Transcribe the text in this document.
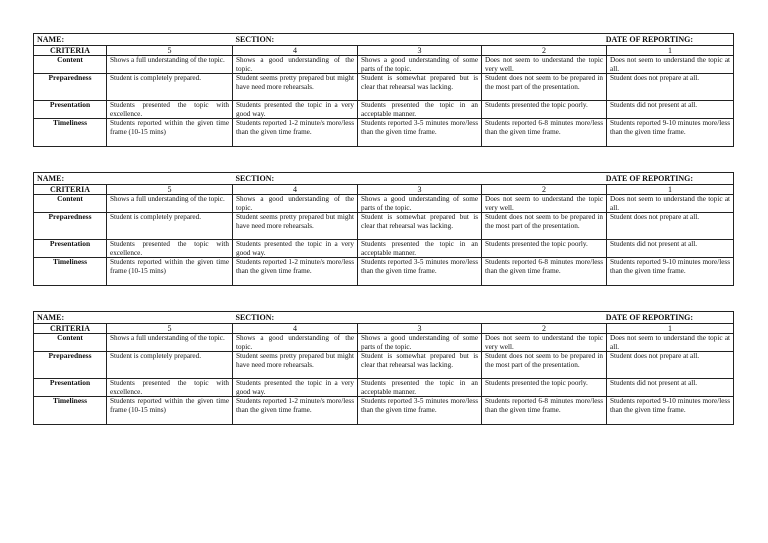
NAME:		SECTION:		DATE OF REPORTING:	
CRITERIA	5	4	3	2	1
Content	Shows a full understanding of the topic.	Shows a good understanding of the topic.	Shows a good understanding of some parts of the topic.	Does not seem to understand the topic very well.	Does not seem to understand the topic at all.
Preparedness	Student is completely prepared.	Student seems pretty prepared but might have need more rehearsals.	Student is somewhat prepared but is clear that rehearsal was lacking.	Student does not seem to be prepared in the most part of the presentation.	Student does not prepare at all.
Presentation	Students presented the topic with excellence.	Students presented the topic in a very good way.	Students presented the topic in an acceptable manner.	Students presented the topic poorly.	Students did not present at all.
Timeliness	Students reported within the given time frame (10-15 mins)	Students reported 1-2 minute/s more/less than the given time frame.	Students reported 3-5 minutes more/less than the given time frame.	Students reported 6-8 minutes more/less than the given time frame.	Students reported 9-10 minutes more/less than the given time frame.
NAME:		SECTION:		DATE OF REPORTING:	
CRITERIA	5	4	3	2	1
Content	Shows a full understanding of the topic.	Shows a good understanding of the topic.	Shows a good understanding of some parts of the topic.	Does not seem to understand the topic very well.	Does not seem to understand the topic at all.
Preparedness	Student is completely prepared.	Student seems pretty prepared but might have need more rehearsals.	Student is somewhat prepared but is clear that rehearsal was lacking.	Student does not seem to be prepared in the most part of the presentation.	Student does not prepare at all.
Presentation	Students presented the topic with excellence.	Students presented the topic in a very good way.	Students presented the topic in an acceptable manner.	Students presented the topic poorly.	Students did not present at all.
Timeliness	Students reported within the given time frame (10-15 mins)	Students reported 1-2 minute/s more/less than the given time frame.	Students reported 3-5 minutes more/less than the given time frame.	Students reported 6-8 minutes more/less than the given time frame.	Students reported 9-10 minutes more/less than the given time frame.
NAME:		SECTION:		DATE OF REPORTING:	
CRITERIA	5	4	3	2	1
Content	Shows a full understanding of the topic.	Shows a good understanding of the topic.	Shows a good understanding of some parts of the topic.	Does not seem to understand the topic very well.	Does not seem to understand the topic at all.
Preparedness	Student is completely prepared.	Student seems pretty prepared but might have need more rehearsals.	Student is somewhat prepared but is clear that rehearsal was lacking.	Student does not seem to be prepared in the most part of the presentation.	Student does not prepare at all.
Presentation	Students presented the topic with excellence.	Students presented the topic in a very good way.	Students presented the topic in an acceptable manner.	Students presented the topic poorly.	Students did not present at all.
Timeliness	Students reported within the given time frame (10-15 mins)	Students reported 1-2 minute/s more/less than the given time frame.	Students reported 3-5 minutes more/less than the given time frame.	Students reported 6-8 minutes more/less than the given time frame.	Students reported 9-10 minutes more/less than the given time frame.
